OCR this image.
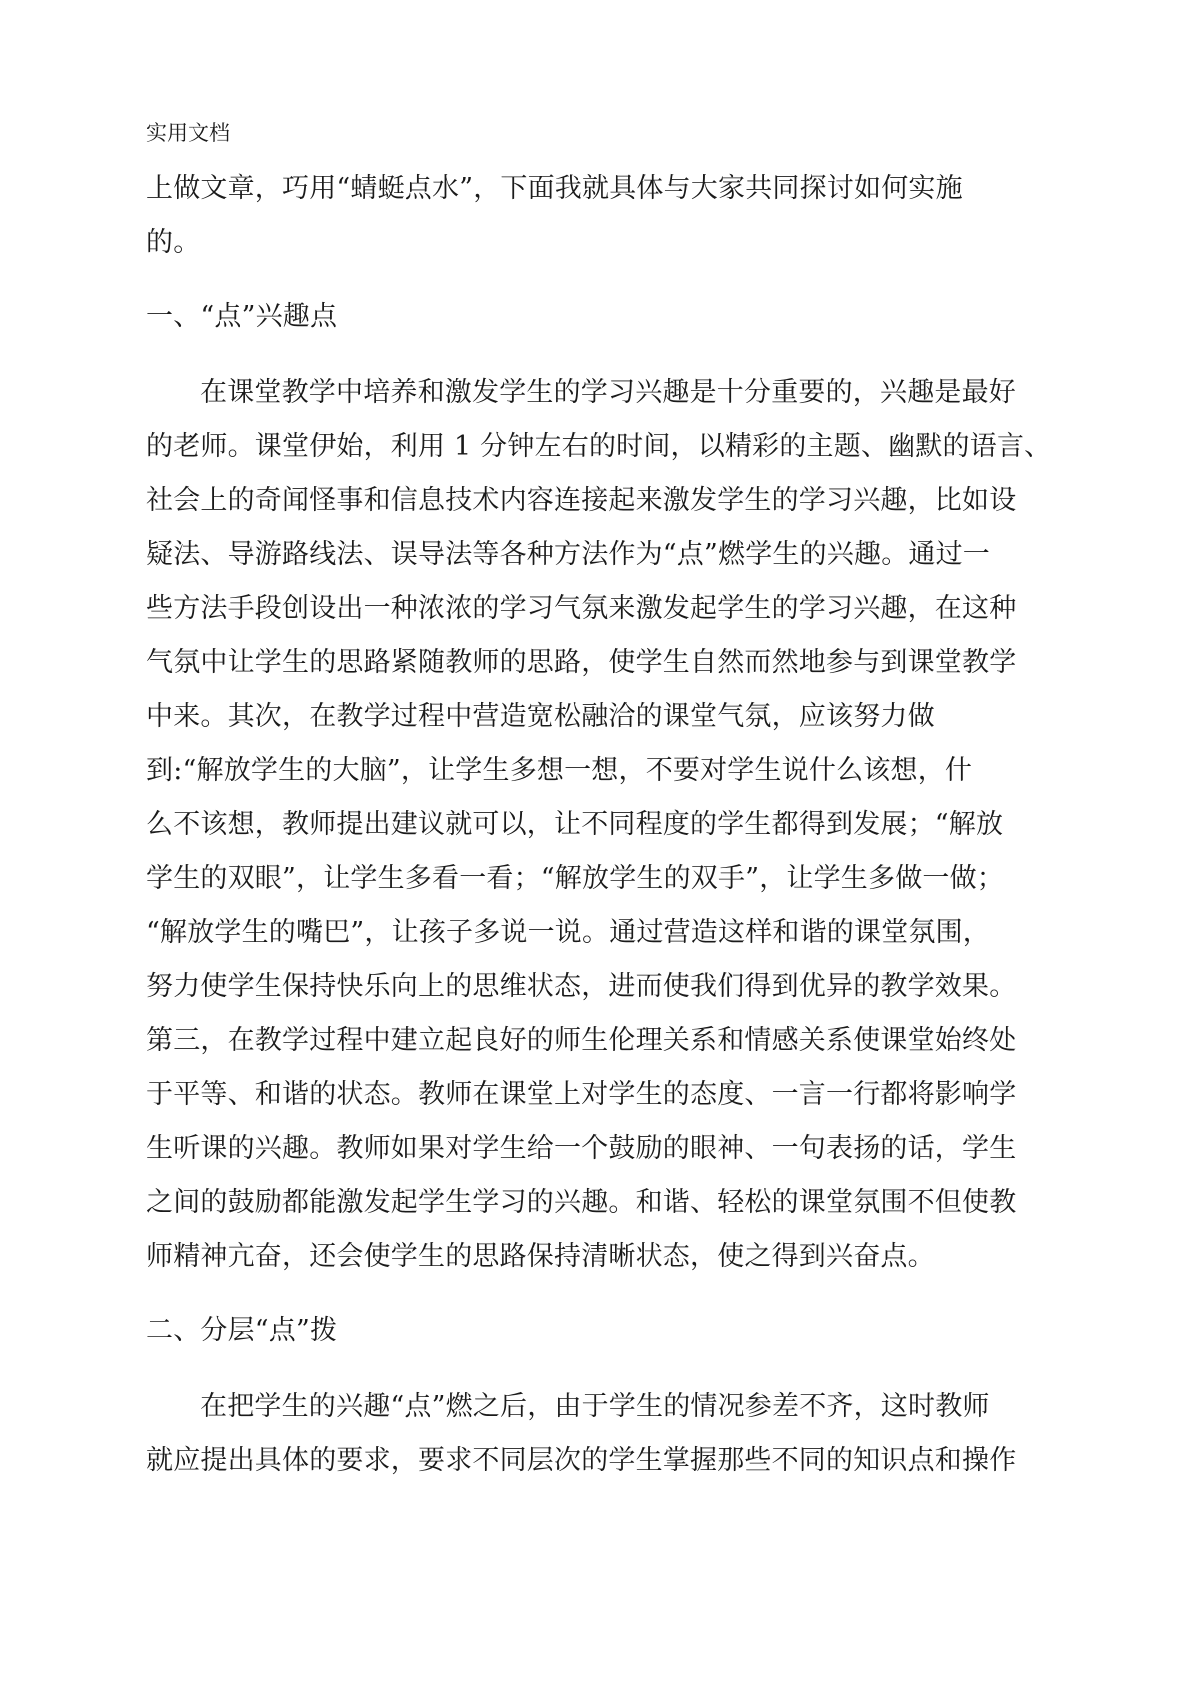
实用文档
上做文章，巧用“蜻蜓点水”，下面我就具体与大家共同探讨如何实施
的。
一、“点”兴趣点
在课堂教学中培养和激发学生的学习兴趣是十分重要的，兴趣是最好
的老师。课堂伊始，利用 1 分钟左右的时间，以精彩的主题、幽默的语言、
社会上的奇闻怪事和信息技术内容连接起来激发学生的学习兴趣，比如设
疑法、导游路线法、误导法等各种方法作为“点”燃学生的兴趣。通过一
些方法手段创设出一种浓浓的学习气氛来激发起学生的学习兴趣，在这种
气氛中让学生的思路紧随教师的思路，使学生自然而然地参与到课堂教学
中来。其次，在教学过程中营造宽松融洽的课堂气氛，应该努力做
到:“解放学生的大脑”，让学生多想一想，不要对学生说什么该想，什
么不该想，教师提出建议就可以，让不同程度的学生都得到发展；“解放
学生的双眼”，让学生多看一看；“解放学生的双手”，让学生多做一做；
“解放学生的嘴巴”，让孩子多说一说。通过营造这样和谐的课堂氛围，
努力使学生保持快乐向上的思维状态，进而使我们得到优异的教学效果。
第三，在教学过程中建立起良好的师生伦理关系和情感关系使课堂始终处
于平等、和谐的状态。教师在课堂上对学生的态度、一言一行都将影响学
生听课的兴趣。教师如果对学生给一个鼓励的眼神、一句表扬的话，学生
之间的鼓励都能激发起学生学习的兴趣。和谐、轻松的课堂氛围不但使教
师精神亢奋，还会使学生的思路保持清晰状态，使之得到兴奋点。
二、分层“点”拨
在把学生的兴趣“点”燃之后，由于学生的情况参差不齐，这时教师
就应提出具体的要求，要求不同层次的学生掌握那些不同的知识点和操作
